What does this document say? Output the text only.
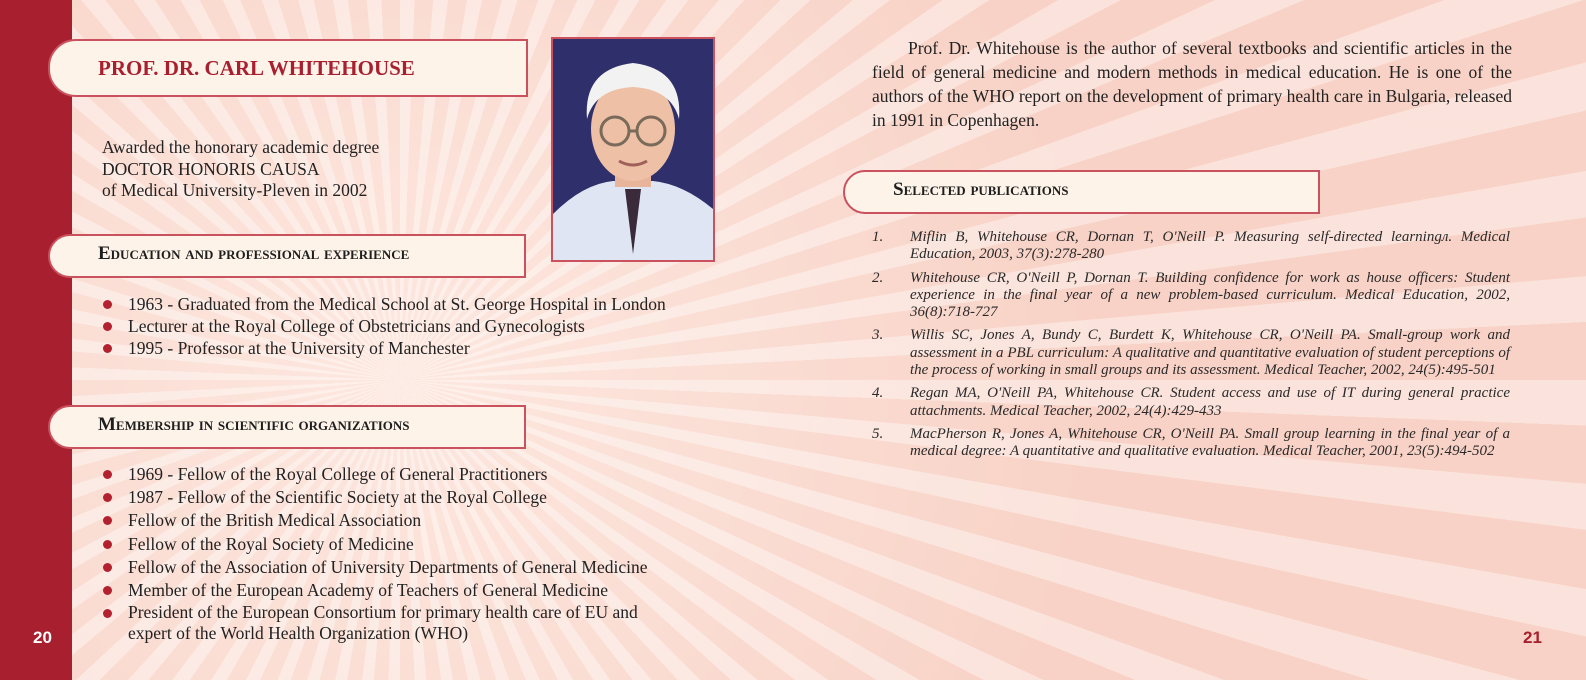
PROF. DR. CARL WHITEHOUSE
Awarded the honorary academic degree
DOCTOR HONORIS CAUSA
of Medical University-Pleven in 2002
Education and professional experience
1963 - Graduated from the Medical School at St. George Hospital in London
Lecturer at the Royal College of Obstetricians and Gynecologists
1995 - Professor at the University of Manchester
Membership in scientific organizations
1969 - Fellow of the Royal College of General Practitioners
1987 - Fellow of the Scientific Society at the Royal College
Fellow of the British Medical Association
Fellow of the Royal Society of Medicine
Fellow of the Association of University Departments of General Medicine
Member of the European Academy of Teachers of General Medicine
President of the European Consortium for primary health care of EU and
expert of the World Health Organization (WHO)
20
Prof. Dr. Whitehouse is the author of several textbooks and scientific articles in the field of general medicine and modern methods in medical education. He is one of the authors of the WHO report on the development of primary health care in Bulgaria, released in 1991 in Copenhagen.
Selected publications
1. Miflin B, Whitehouse CR, Dornan T, O'Neill P. Measuring self-directed learningл. Medical Education, 2003, 37(3):278-280
2. Whitehouse CR, O'Neill P, Dornan T. Building confidence for work as house officers: Student experience in the final year of a new problem-based curriculum. Medical Education, 2002, 36(8):718-727
3. Willis SC, Jones A, Bundy C, Burdett K, Whitehouse CR, O'Neill PA. Small-group work and assessment in a PBL curriculum: A qualitative and quantitative evaluation of student perceptions of the process of working in small groups and its assessment. Medical Teacher, 2002, 24(5):495-501
4. Regan MA, O'Neill PA, Whitehouse CR. Student access and use of IT during general practice attachments. Medical Teacher, 2002, 24(4):429-433
5. MacPherson R, Jones A, Whitehouse CR, O'Neill PA. Small group learning in the final year of a medical degree: A quantitative and qualitative evaluation. Medical Teacher, 2001, 23(5):494-502
21
